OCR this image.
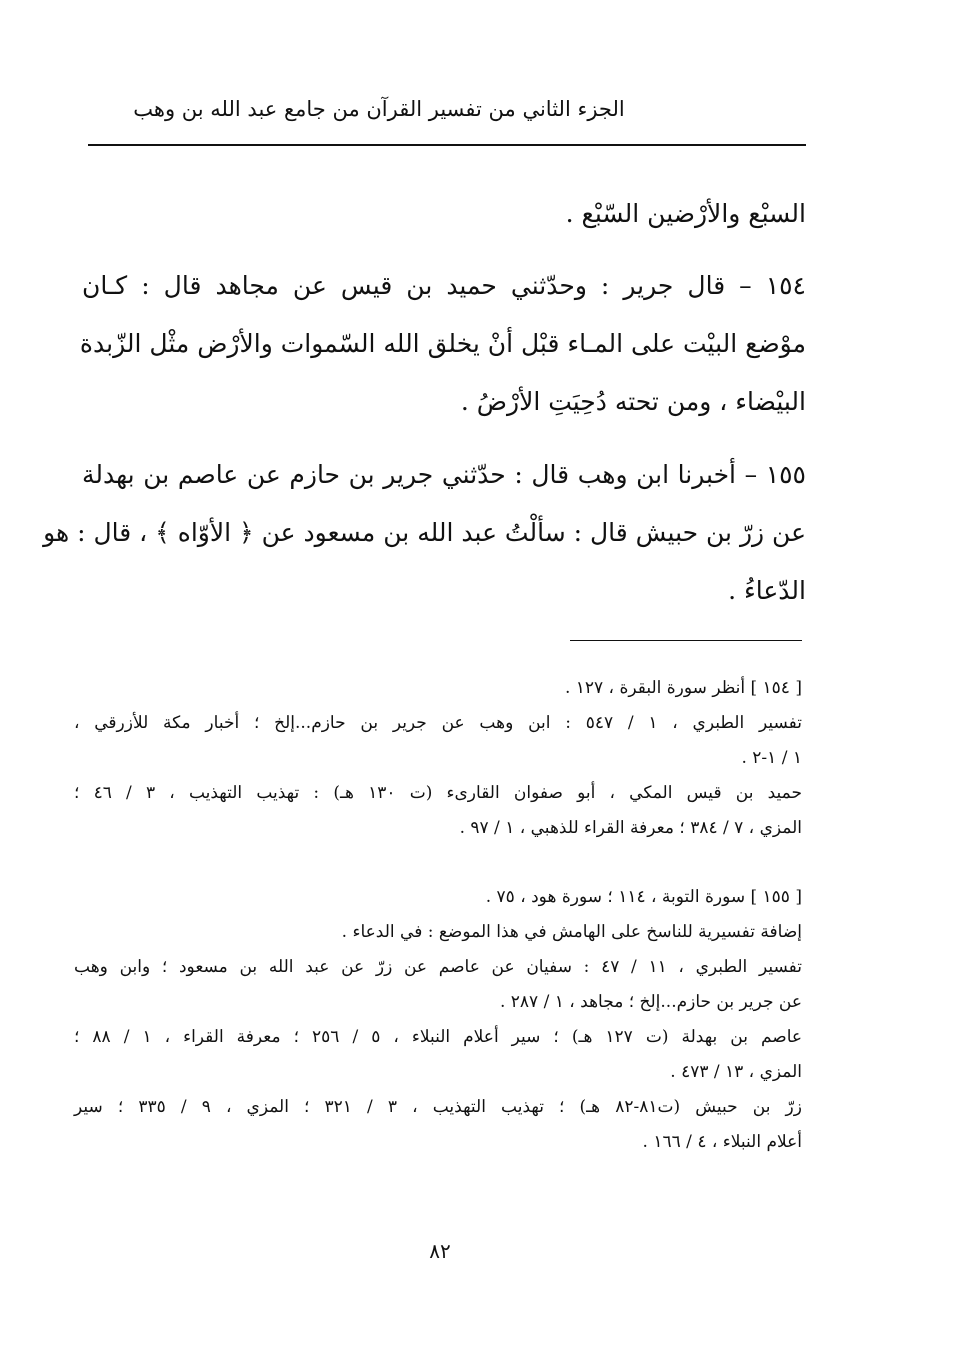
الجزء الثاني من تفسير القرآن من جامع عبد الله بن وهب
السبْع والأرْضين السّبْع .
١٥٤ – قال جرير : وحدّثني حميد بن قيس عن مجاهد قال : كـان
موْضع البيْت على المـاء قبْل أنْ يخلق الله السّموات والأرْض مثْل الزّبدة
البيْضاء ، ومن تحته دُحِيَتِ الأرْضُ .
١٥٥ – أخبرنا ابن وهب قال : حدّثني جرير بن حازم عن عاصم بن بهدلة
عن زرّ بن حبيش قال : سألْتُ عبد الله بن مسعود عن ﴿ الأوّاه ﴾ ، قال : هو
الدّعاءُ .
[ ١٥٤ ] أنظر سورة البقرة ، ١٢٧ .
تفسير الطبري ، ١ / ٥٤٧ : ابن وهب عن جرير بن حازم...إلخ ؛ أخبار مكة للأزرقي ،
١ / ١-٢ .
حميد بن قيس المكي ، أبو صفوان القارىء (ت ١٣٠ هـ) : تهذيب التهذيب ، ٣ / ٤٦ ؛
المزي ، ٧ / ٣٨٤ ؛ معرفة القراء للذهبي ، ١ / ٩٧ .
[ ١٥٥ ] سورة التوبة ، ١١٤ ؛ سورة هود ، ٧٥ .
إضافة تفسيرية للناسخ على الهامش في هذا الموضع : في الدعاء .
تفسير الطبري ، ١١ / ٤٧ : سفيان عن عاصم عن زرّ عن عبد الله بن مسعود ؛ وابن وهب
عن جرير بن حازم...إلخ ؛ مجاهد ، ١ / ٢٨٧ .
عاصم بن بهدلة (ت ١٢٧ هـ) ؛ سير أعلام النبلاء ، ٥ / ٢٥٦ ؛ معرفة القراء ، ١ / ٨٨ ؛
المزي ، ١٣ / ٤٧٣ .
زرّ بن حبيش (ت٨١-٨٢ هـ) ؛ تهذيب التهذيب ، ٣ / ٣٢١ ؛ المزي ، ٩ / ٣٣٥ ؛ سير
أعلام النبلاء ، ٤ / ١٦٦ .
٨٢
